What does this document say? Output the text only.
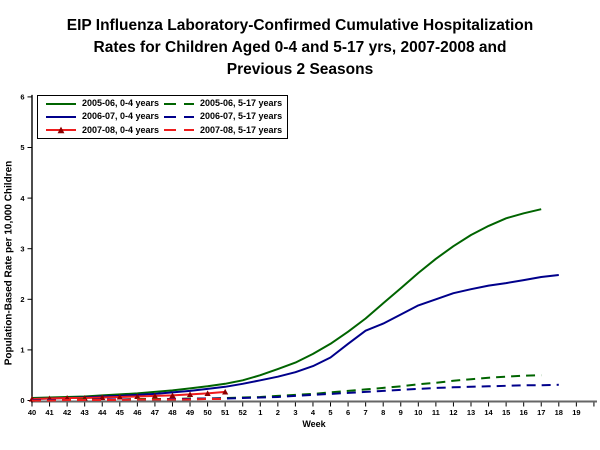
EIP Influenza Laboratory-Confirmed Cumulative Hospitalization
Rates for Children Aged 0-4 and 5-17 yrs, 2007-2008 and
Previous 2 Seasons
40 41 42 43 44 45 46 47 48 49 50 51 52 1 2 3 4 5 6 7 8 9 10 11 12 13 14 15 16 17 18 19
0
1
2
3
4
5
6
2005-06, 0-4 years	2005-06, 5-17 years
2006-07, 0-4 years	2006-07, 5-17 years
2007-08, 0-4 years	2007-08, 5-17 years
Population-Based Rate per 10,000 Children
Week
